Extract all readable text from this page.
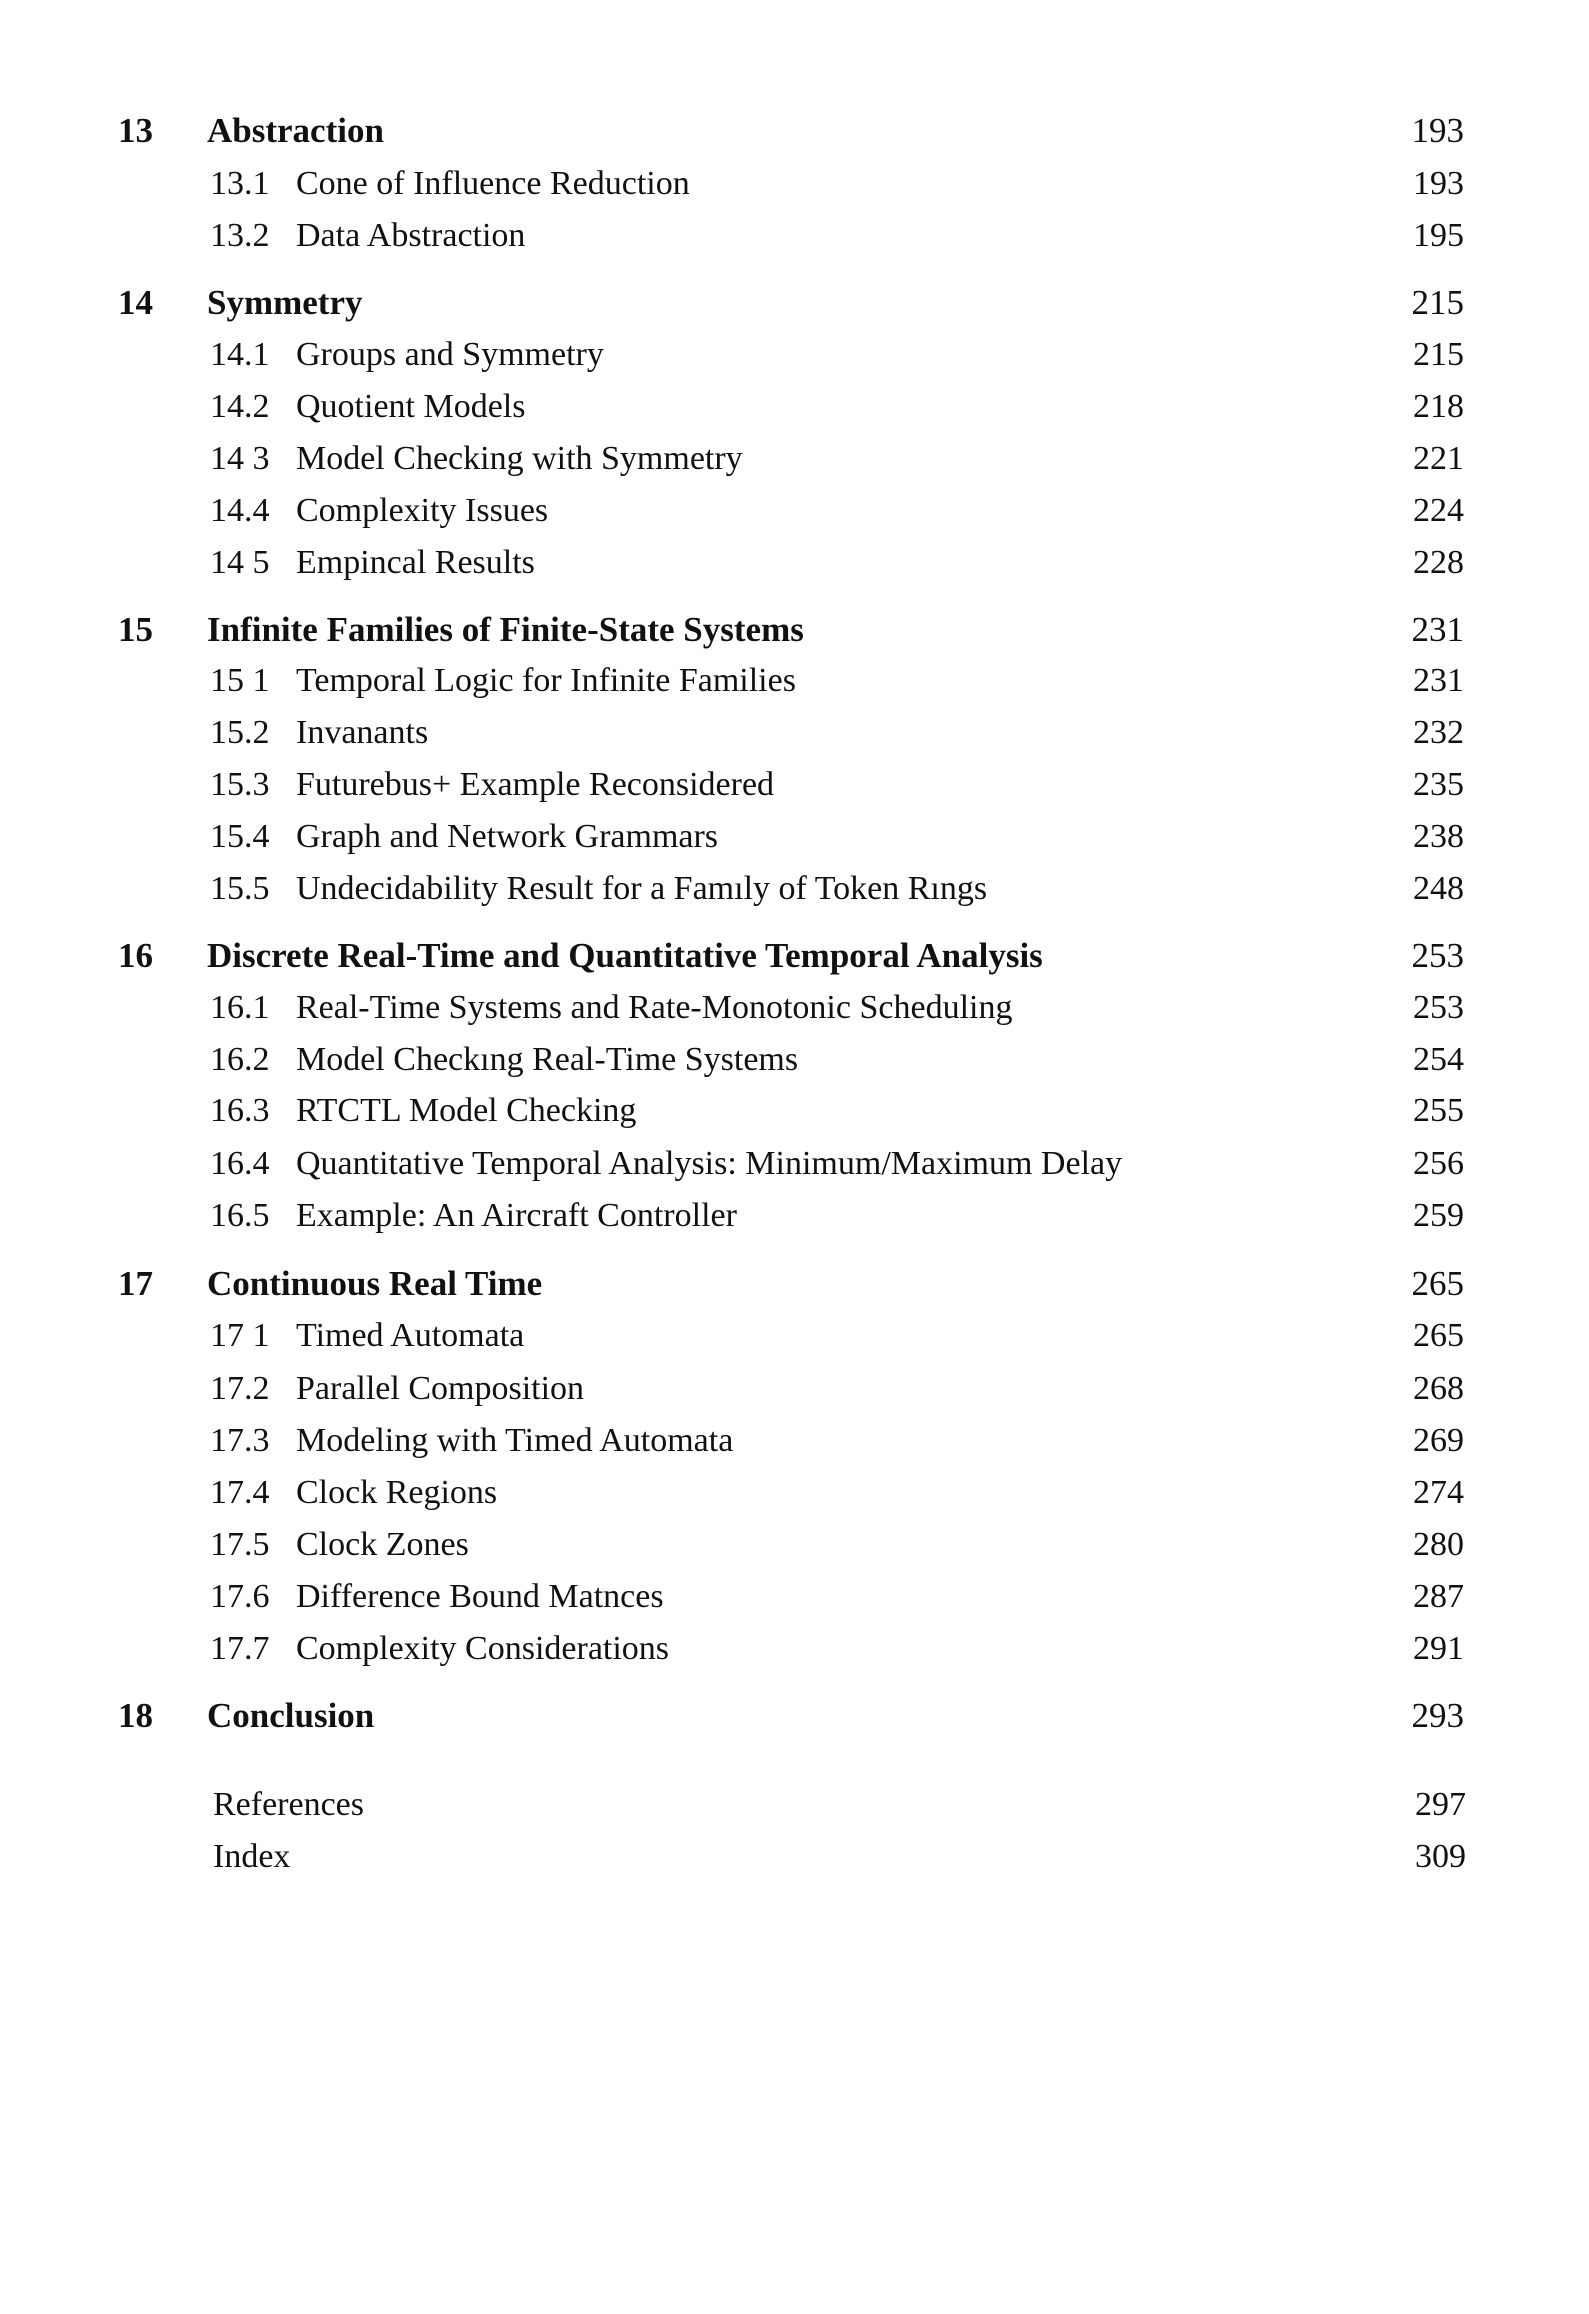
13 Abstraction	193
13.1 Cone of Influence Reduction	193
13.2 Data Abstraction	195
14 Symmetry	215
14.1 Groups and Symmetry	215
14.2 Quotient Models	218
14 3 Model Checking with Symmetry	221
14.4 Complexity Issues	224
14 5 Empincal Results	228
15 Infinite Families of Finite-State Systems	231
15 1 Temporal Logic for Infinite Families	231
15.2 Invanants	232
15.3 Futurebus+ Example Reconsidered	235
15.4 Graph and Network Grammars	238
15.5 Undecidability Result for a Famıly of Token Rıngs	248
16 Discrete Real-Time and Quantitative Temporal Analysis	253
16.1 Real-Time Systems and Rate-Monotonic Scheduling	253
16.2 Model Checkıng Real-Time Systems	254
16.3 RTCTL Model Checking	255
16.4 Quantitative Temporal Analysis: Minimum/Maximum Delay	256
16.5 Example: An Aircraft Controller	259
17 Continuous Real Time	265
17 1 Timed Automata	265
17.2 Parallel Composition	268
17.3 Modeling with Timed Automata	269
17.4 Clock Regions	274
17.5 Clock Zones	280
17.6 Difference Bound Matnces	287
17.7 Complexity Considerations	291
18 Conclusion	293
References	297
Index	309
